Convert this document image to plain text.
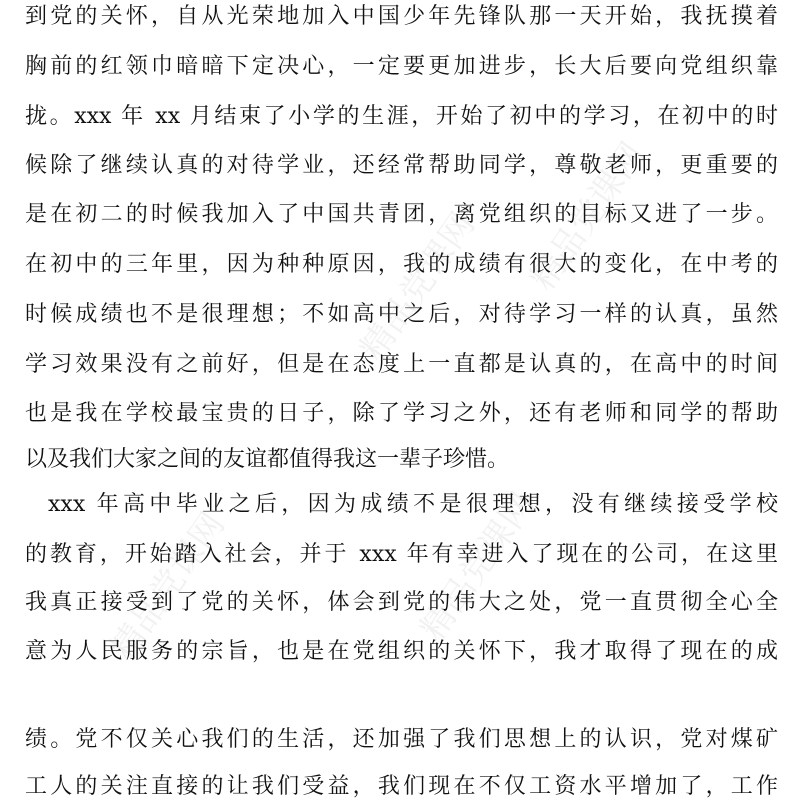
精品党课网 精品党课网
精品党课网	精品党课网
到党的关怀，自从光荣地加入中国少年先锋队那一天开始，我抚摸着
胸前的红领巾暗暗下定决心，一定要更加进步，长大后要向党组织靠
拢。xxx 年 xx 月结束了小学的生涯，开始了初中的学习，在初中的时
候除了继续认真的对待学业，还经常帮助同学，尊敬老师，更重要的
是在初二的时候我加入了中国共青团，离党组织的目标又进了一步。
在初中的三年里，因为种种原因，我的成绩有很大的变化，在中考的
时候成绩也不是很理想；不如高中之后，对待学习一样的认真，虽然
学习效果没有之前好，但是在态度上一直都是认真的，在高中的时间
也是我在学校最宝贵的日子，除了学习之外，还有老师和同学的帮助
以及我们大家之间的友谊都值得我这一辈子珍惜。
xxx 年高中毕业之后，因为成绩不是很理想，没有继续接受学校
的教育，开始踏入社会，并于 xxx 年有幸进入了现在的公司，在这里
我真正接受到了党的关怀，体会到党的伟大之处，党一直贯彻全心全
意为人民服务的宗旨，也是在党组织的关怀下，我才取得了现在的成
绩。党不仅关心我们的生活，还加强了我们思想上的认识，党对煤矿
工人的关注直接的让我们受益，我们现在不仅工资水平增加了，工作
